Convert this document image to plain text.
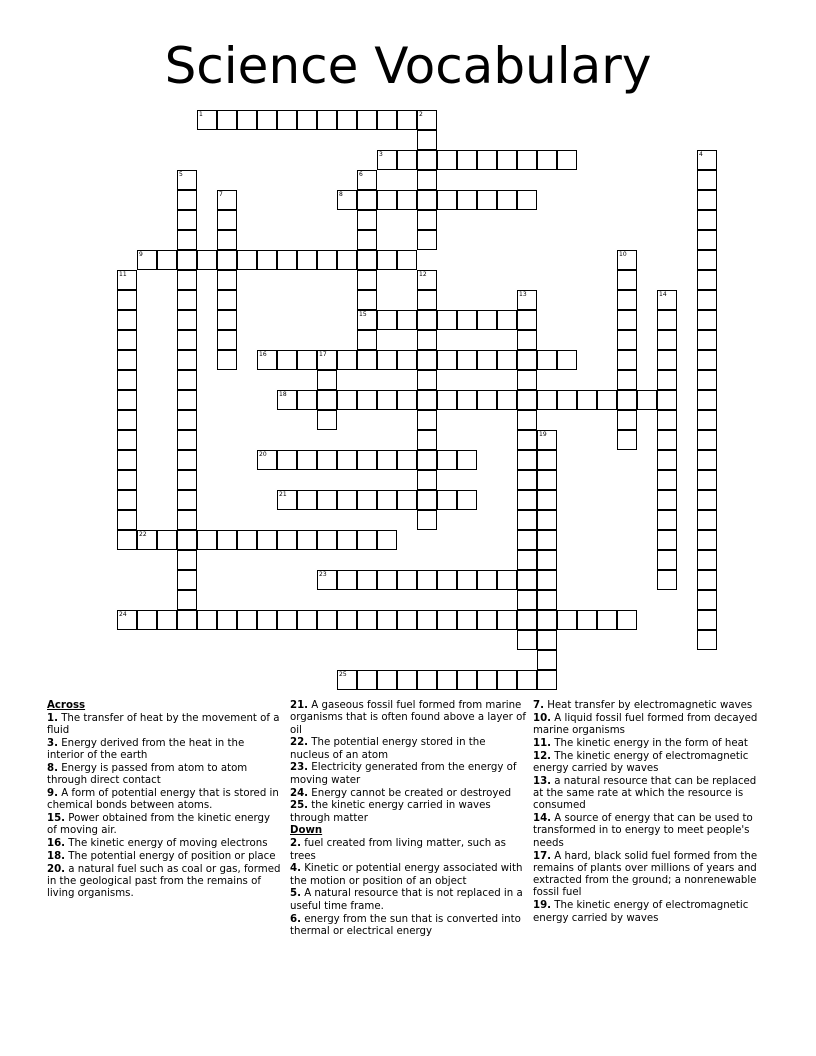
Science Vocabulary
1	2
3	4
5	6
15
7	8
9	10
11	12
13	14
16	17
18
19
20
21
22
23
24
25
Across
1. The transfer of heat by the movement of a fluid
3. Energy derived from the heat in the interior of the earth
8. Energy is passed from atom to atom through direct contact
9. A form of potential energy that is stored in chemical bonds between atoms.
15. Power obtained from the kinetic energy of moving air.
16. The kinetic energy of moving electrons
18. The potential energy of position or place
20. a natural fuel such as coal or gas, formed in the geological past from the remains of living organisms.
21. A gaseous fossil fuel formed from marine organisms that is often found above a layer of oil
22. The potential energy stored in the nucleus of an atom
23. Electricity generated from the energy of moving water
24. Energy cannot be created or destroyed
25. the kinetic energy carried in waves through matter
Down
2. fuel created from living matter, such as trees
4. Kinetic or potential energy associated with the motion or position of an object
5. A natural resource that is not replaced in a useful time frame.
6. energy from the sun that is converted into thermal or electrical energy
7. Heat transfer by electromagnetic waves
10. A liquid fossil fuel formed from decayed marine organisms
11. The kinetic energy in the form of heat
12. The kinetic energy of electromagnetic energy carried by waves
13. a natural resource that can be replaced at the same rate at which the resource is consumed
14. A source of energy that can be used to transformed in to energy to meet people's needs
17. A hard, black solid fuel formed from the remains of plants over millions of years and extracted from the ground; a nonrenewable fossil fuel
19. The kinetic energy of electromagnetic energy carried by waves
